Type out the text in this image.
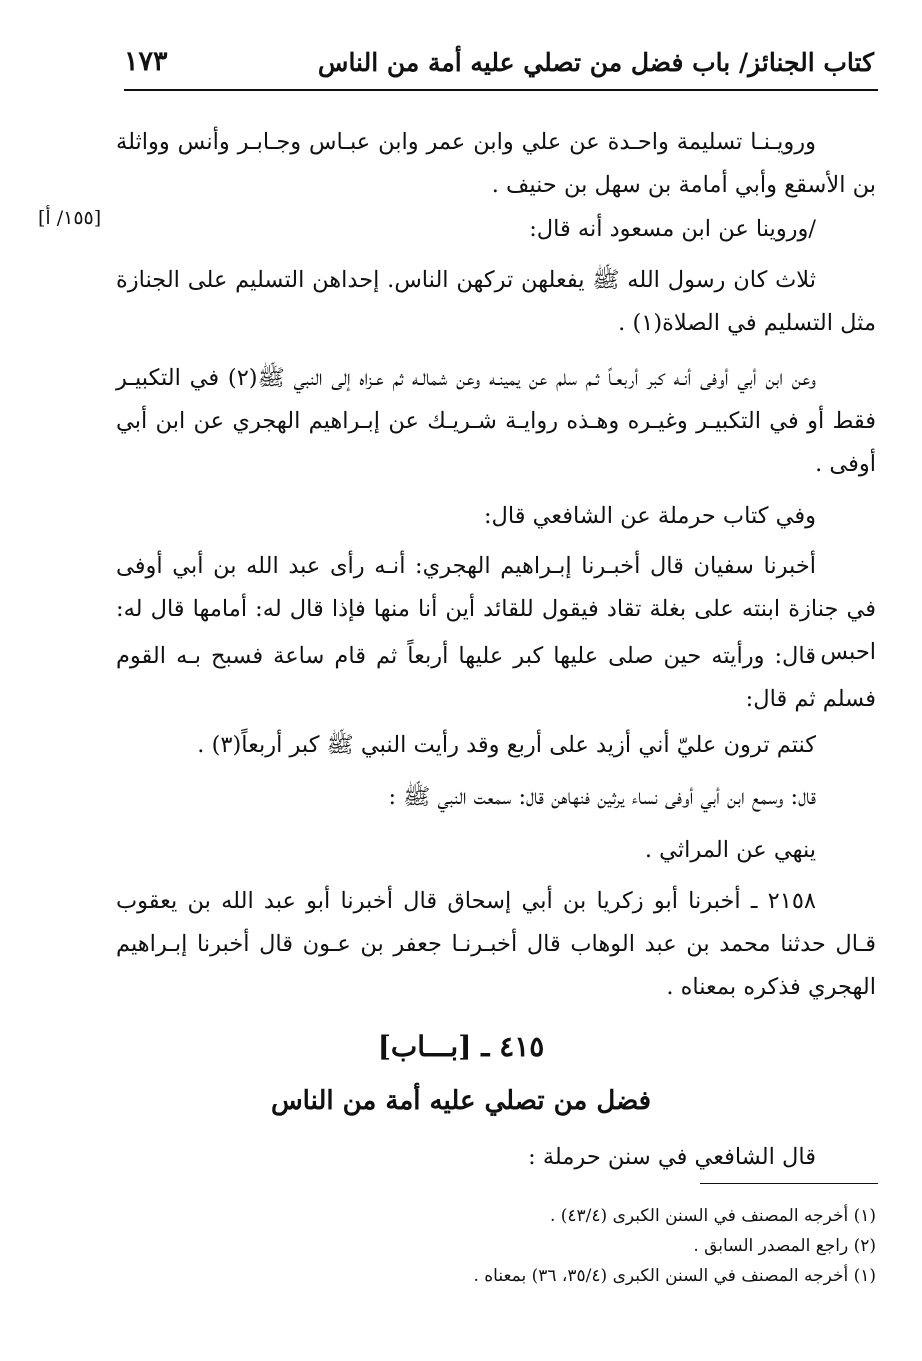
١٧٣	كتاب الجنائز/ باب فضل من تصلي عليه أمة من الناس
[١٥٥/ أ]

ورويـنـا تسليمة واحـدة عن علي وابن عمر وابن عبـاس وجـابـر وأنس وواثلة بن الأسقع وأبي أمامة بن سهل بن حنيف .

/وروينا عن ابن مسعود أنه قال:

ثلاث كان رسول الله ﷺ يفعلهن تركهن الناس. إحداهن التسليم على الجنازة مثل التسليم في الصلاة(١) .

وعن ابن أبي أوفى أنـه كبر أربعـاً ثـم سلم عن يمينـه وعن شمالـه ثم عـزاه إلى النبي ﷺ(٢) في التكبيـر فقط أو في التكبيـر وغيـره وهـذه روايـة شـريـك عن إبـراهيم الهجري عن ابن أبي أوفى .

وفي كتاب حرملة عن الشافعي قال:

أخبرنا سفيان قال أخبـرنا إبـراهيم الهجري: أنـه رأى عبد الله بن أبي أوفى في جنازة ابنته على بغلة تقاد فيقول للقائد أين أنا منها فإذا قال له: أمامها قال له: احبس .

قال: ورأيته حين صلى عليها كبر عليها أربعاً ثم قام ساعة فسبح بـه القوم فسلم ثم قال:

كنتم ترون عليّ أني أزيد على أربع وقد رأيت النبي ﷺ كبر أربعاً(٣) .

قال: وسمع ابن أبي أوفى نساء يرثين فنهاهن قال: سمعت النبي ﷺ :

ينهي عن المراثي .

٢١٥٨ ـ أخبرنا أبو زكريا بن أبي إسحاق قال أخبرنا أبو عبد الله بن يعقوب قـال حدثنا محمد بن عبد الوهاب قال أخبـرنـا جعفر بن عـون قال أخبرنا إبـراهيم الهجري فذكره بمعناه .

٤١٥ ـ [بـــاب]
فضل من تصلي عليه أمة من الناس

قال الشافعي في سنن حرملة :

(١) أخرجه المصنف في السنن الكبرى (٤٣/٤) .
(٢) راجع المصدر السابق .
(١) أخرجه المصنف في السنن الكبرى (٣٥/٤، ٣٦) بمعناه .
